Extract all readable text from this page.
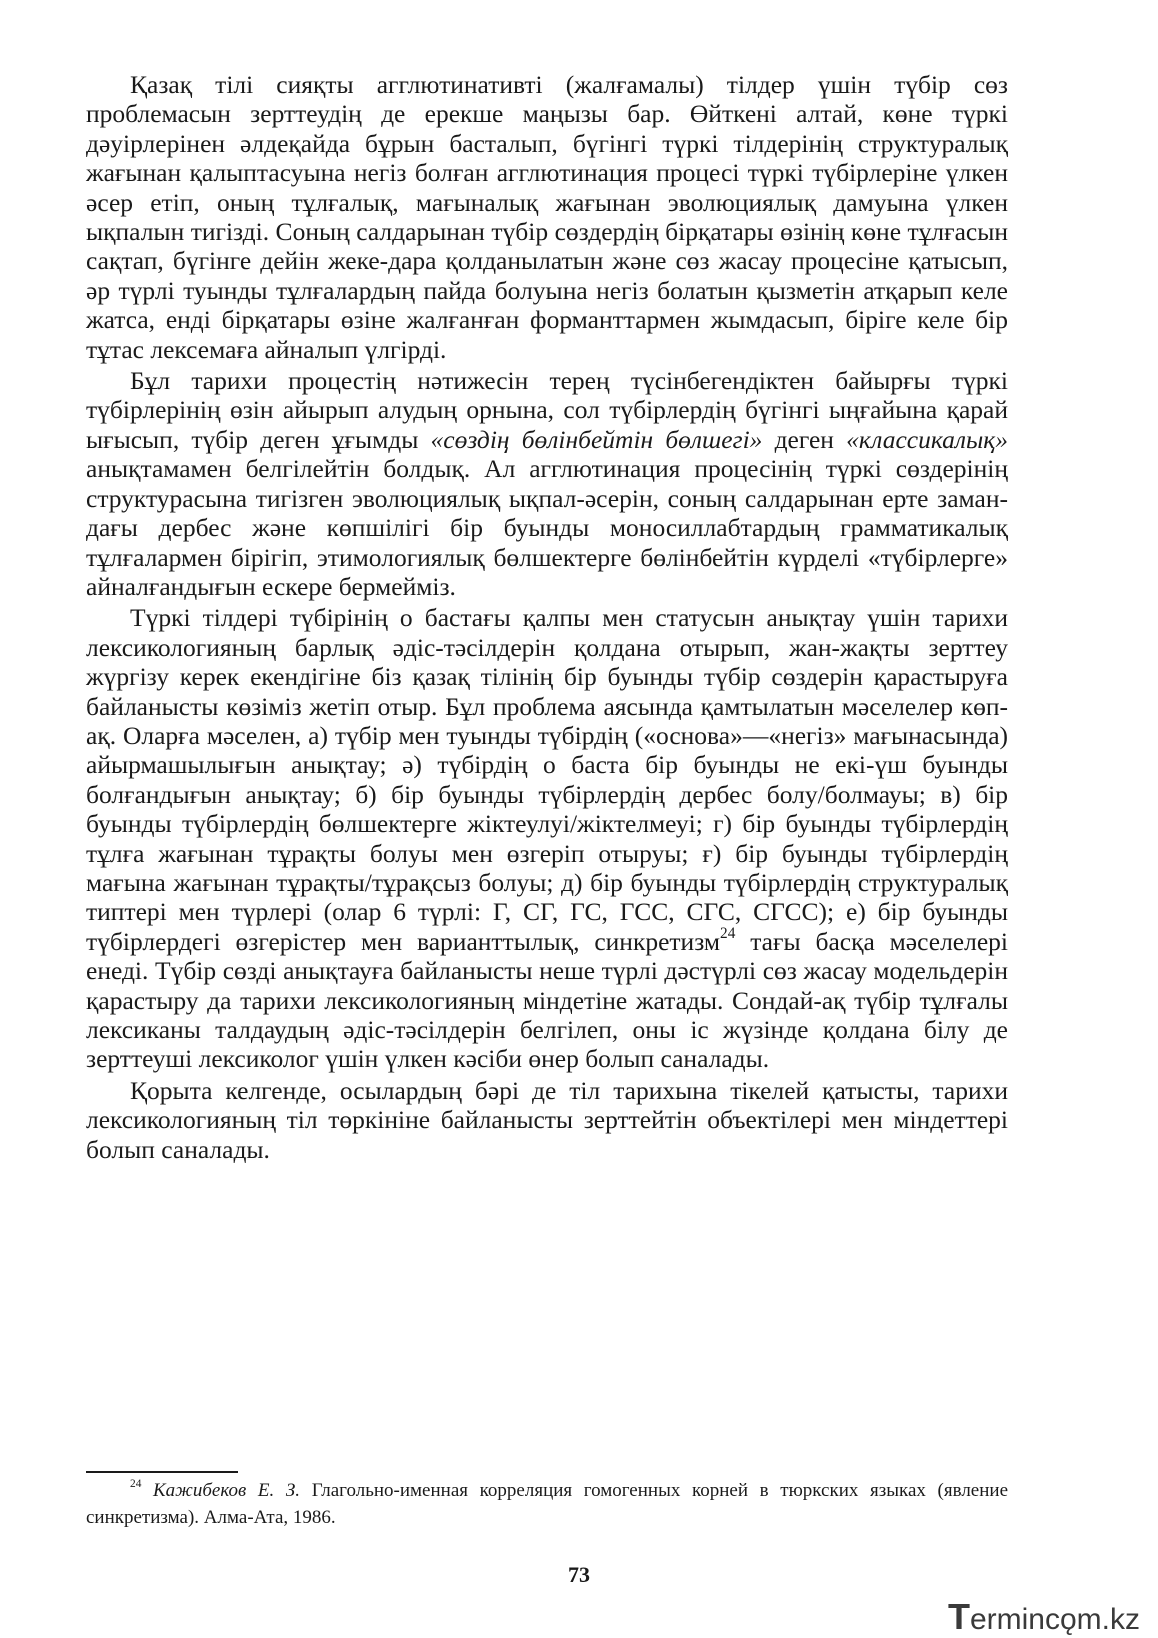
Қазақ тілі сияқты агглютинативті (жалғамалы) тілдер үшін түбір сөз проблемасын зерттеудің де ерекше маңызы бар. Өйткені алтай, көне түркі дәуірлерінен әлдеқайда бұрын басталып, бүгінгі түркі тілдерінің структуралық жағынан қалыптасуына негіз болған агглютинация процесі түркі түбірлеріне үлкен әсер етіп, оның тұлғалық, мағыналық жағынан эволюциялық дамуына үлкен ықпалын тигізді. Соның салдарынан түбір сөздердің бірқатары өзінің көне тұлғасын сақтап, бүгінге дейін жеке-дара қолданылатын және сөз жасау процесіне қатысып, әр түрлі туынды тұлғалардың пайда болуына негіз болатын қызметін атқарып келе жатса, енді бірқатары өзіне жалғанған форманттармен жымдасып, біріге келе бір тұтас лексемаға айналып үлгірді.

Бұл тарихи процестің нәтижесін терең түсінбегендіктен байырғы түркі түбірлерінің өзін айырып алудың орнына, сол түбірлердің бүгінгі ыңғайына қарай ығысып, түбір деген ұғымды «сөздің бөлінбейтін бөлшегі» деген «классикалық» анықтамамен белгілейтін болдық. Ал агглютинация процесінің түркі сөздерінің структурасына тигізген эволюциялық ықпал-әсерін, соның салдарынан ерте замандағы дербес және көпшілігі бір буынды моносиллабтардың грамматикалық тұлғалармен бірігіп, этимологиялық бөлшектерге бөлінбейтін күрделі «түбірлерге» айналғандығын ескере бермейміз.

Түркі тілдері түбірінің о бастағы қалпы мен статусын анықтау үшін тарихи лексикологияның барлық әдіс-тәсілдерін қолдана отырып, жан-жақты зерттеу жүргізу керек екендігіне біз қазақ тілінің бір буынды түбір сөздерін қарастыруға байланысты көзіміз жетіп отыр. Бұл проблема аясында қамтылатын мәселелер көп-ақ. Оларға мәселен, а) түбір мен туынды түбірдің («основа»—«негіз» мағынасында) айырмашылығын анықтау; ә) түбірдің о баста бір буынды не екі-үш буынды болғандығын анықтау; б) бір буынды түбірлердің дербес болу/болмауы; в) бір буынды түбірлердің бөлшектерге жіктеулуі/жіктелмеуі; г) бір буынды түбірлердің тұлға жағынан тұрақты болуы мен өзгеріп отыруы; ғ) бір буынды түбірлердің мағына жағынан тұрақты/тұрақсыз болуы; д) бір буынды түбірлердің структуралық типтері мен түрлері (олар 6 түрлі: Г, СГ, ГС, ГСС, СГС, СГСС); е) бір буынды түбірлердегі өзгерістер мен варианттылық, синкретизм$^{24}$ тағы басқа мәселелері енеді. Түбір сөзді анықтауға байланысты неше түрлі дәстүрлі сөз жасау модельдерін қарастыру да тарихи лексикологияның міндетіне жатады. Сондай-ақ түбір тұлғалы лексиканы талдаудың әдіс-тәсілдерін белгілеп, оны іс жүзінде қолдана білу де зерттеуші лексиколог үшін үлкен кәсіби өнер болып саналады.

Қорыта келгенде, осылардың бәрі де тіл тарихына тікелей қатысты, тарихи лексикологияның тіл төркініне байланысты зерттейтін объектілері мен міндеттері болып саналады.

$^{24}$ Кажибеков Е. З. Глагольно-именная корреляция гомогенных корней в тюркских языках (явление синкретизма). Алма-Ата, 1986.
73
Termincǫm.kz
